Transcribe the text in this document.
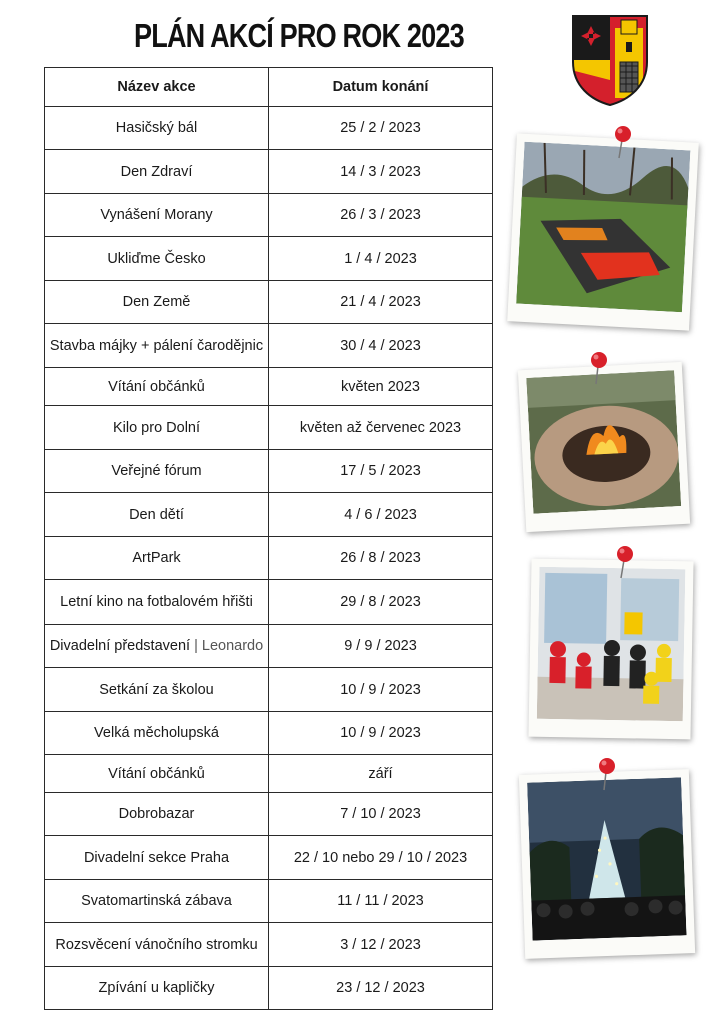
PLÁN AKCÍ PRO ROK 2023
Název akce	Datum konání
Hasičský bál	25 / 2 / 2023
Den Zdraví	14 / 3 / 2023
Vynášení Morany	26 / 3 / 2023
Ukliďme Česko	1 / 4 / 2023
Den Země	21 / 4 / 2023
Stavba májky + pálení čarodějnic	30 / 4 / 2023
Vítání občánků	květen 2023
Kilo pro Dolní	květen až červenec 2023
Veřejné fórum	17 / 5 / 2023
Den dětí	4 / 6 / 2023
ArtPark	26 / 8 / 2023
Letní kino na fotbalovém hřišti	29 / 8 / 2023
Divadelní představení | Leonardo	9 / 9 / 2023
Setkání za školou	10 / 9 / 2023
Velká měcholupská	10 / 9 / 2023
Vítání občánků	září
Dobrobazar	7 / 10 / 2023
Divadelní sekce Praha	22 / 10 nebo 29 / 10 / 2023
Svatomartinská zábava	11 / 11 / 2023
Rozsvěcení vánočního stromku	3 / 12 / 2023
Zpívání u kapličky	23 / 12 / 2023
